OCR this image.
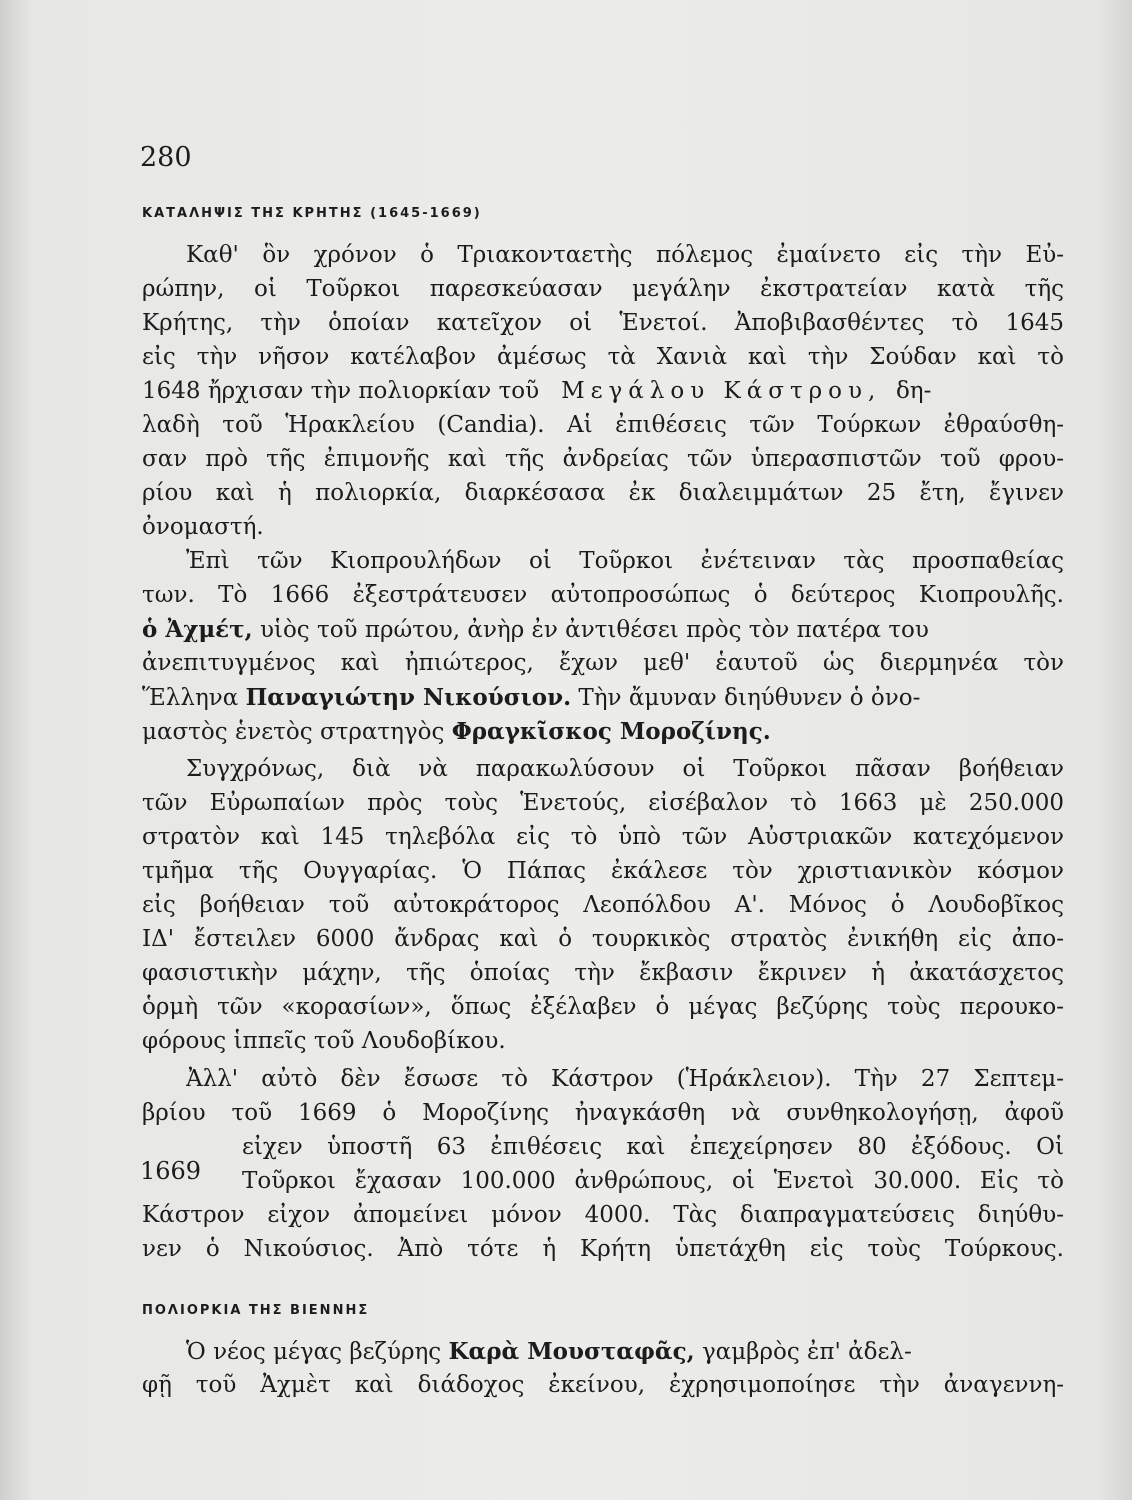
280
ΚΑΤΑΛΗΨΙΣ ΤΗΣ ΚΡΗΤΗΣ (1645-1669)
Καθ' ὃν χρόνον ὁ Τριακονταετὴς πόλεμος ἐμαίνετο εἰς τὴν Εὐ-
ρώπην, οἱ Τοῦρκοι παρεσκεύασαν μεγάλην ἐκστρατείαν κατὰ τῆς
Κρήτης, τὴν ὁποίαν κατεῖχον οἱ Ἑνετοί. Ἀποβιβασθέντες τὸ 1645
εἰς τὴν νῆσον κατέλαβον ἀμέσως τὰ Χανιὰ καὶ τὴν Σούδαν καὶ τὸ
1648 ἤρχισαν τὴν πολιορκίαν τοῦ Μεγάλου Κάστρου, δη-
λαδὴ τοῦ Ἡρακλείου (Candia). Αἱ ἐπιθέσεις τῶν Τούρκων ἐθραύσθη-
σαν πρὸ τῆς ἐπιμονῆς καὶ τῆς ἀνδρείας τῶν ὑπερασπιστῶν τοῦ φρου-
ρίου καὶ ἡ πολιορκία, διαρκέσασα ἐκ διαλειμμάτων 25 ἔτη, ἔγινεν
ὀνομαστή.
Ἐπὶ τῶν Κιοπρουλήδων οἱ Τοῦρκοι ἐνέτειναν τὰς προσπαθείας
των. Τὸ 1666 ἐξεστράτευσεν αὐτοπροσώπως ὁ δεύτερος Κιοπρουλῆς.
ὁ Ἀχμέτ, υἱὸς τοῦ πρώτου, ἀνὴρ ἐν ἀντιθέσει πρὸς τὸν πατέρα του
ἀνεπιτυγμένος καὶ ἠπιώτερος, ἔχων μεθ' ἑαυτοῦ ὡς διερμηνέα τὸν
Ἕλληνα Παναγιώτην Νικούσιον. Τὴν ἄμυναν διηύθυνεν ὁ ὀνο-
μαστὸς ἑνετὸς στρατηγὸς Φραγκῖσκος Μοροζίνης.
Συγχρόνως, διὰ νὰ παρακωλύσουν οἱ Τοῦρκοι πᾶσαν βοήθειαν
τῶν Εὐρωπαίων πρὸς τοὺς Ἑνετούς, εἰσέβαλον τὸ 1663 μὲ 250.000
στρατὸν καὶ 145 τηλεβόλα εἰς τὸ ὑπὸ τῶν Αὐστριακῶν κατεχόμενον
τμῆμα τῆς Ουγγαρίας. Ὁ Πάπας ἐκάλεσε τὸν χριστιανικὸν κόσμον
εἰς βοήθειαν τοῦ αὐτοκράτορος Λεοπόλδου Α'. Μόνος ὁ Λουδοβῖκος
ΙΔ' ἔστειλεν 6000 ἄνδρας καὶ ὁ τουρκικὸς στρατὸς ἐνικήθη εἰς ἀπο-
φασιστικὴν μάχην, τῆς ὁποίας τὴν ἔκβασιν ἔκρινεν ἡ ἀκατάσχετος
ὁρμὴ τῶν «κορασίων», ὅπως ἐξέλαβεν ὁ μέγας βεζύρης τοὺς περουκο-
φόρους ἱππεῖς τοῦ Λουδοβίκου.
Ἀλλ' αὐτὸ δὲν ἔσωσε τὸ Κάστρον (Ἡράκλειον). Τὴν 27 Σεπτεμ-
βρίου τοῦ 1669 ὁ Μοροζίνης ἠναγκάσθη νὰ συνθηκολογήσῃ, ἀφοῦ
εἶχεν ὑποστῆ 63 ἐπιθέσεις καὶ ἐπεχείρησεν 80 ἐξόδους. Οἱ
1669 Τοῦρκοι ἔχασαν 100.000 ἀνθρώπους, οἱ Ἑνετοὶ 30.000. Εἰς τὸ
Κάστρον εἶχον ἀπομείνει μόνον 4000. Τὰς διαπραγματεύσεις διηύθυ-
νεν ὁ Νικούσιος. Ἀπὸ τότε ἡ Κρήτη ὑπετάχθη εἰς τοὺς Τούρκους.
ΠΟΛΙΟΡΚΙΑ ΤΗΣ ΒΙΕΝΝΗΣ
Ὁ νέος μέγας βεζύρης Καρὰ Μουσταφᾶς, γαμβρὸς ἐπ' ἀδελ-
φῇ τοῦ Ἀχμὲτ καὶ διάδοχος ἐκείνου, ἐχρησιμοποίησε τὴν ἀναγεννη-
